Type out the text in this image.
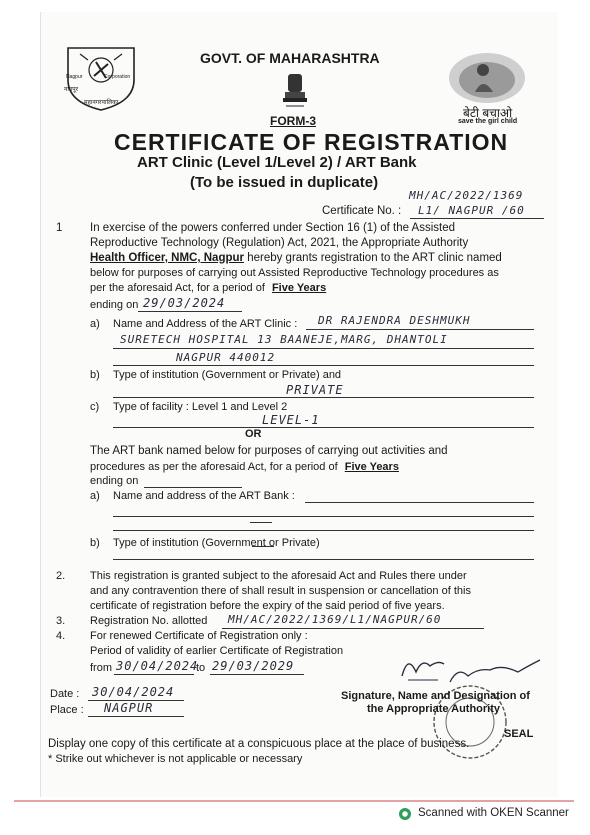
नागपूर
महानगरपालिका
Nagpur	Corporation
बेटी बचाओ
save the girl child
GOVT. OF MAHARASHTRA
FORM-3
CERTIFICATE OF REGISTRATION
ART Clinic (Level 1/Level 2) / ART Bank
(To be issued in duplicate)
MH/AC/2022/1369
Certificate No. : L1/ NAGPUR /60
1 In exercise of the powers conferred under Section 16 (1) of the Assisted
Reproductive Technology (Regulation) Act, 2021, the Appropriate Authority
Health Officer, NMC, Nagpur hereby grants registration to the ART clinic named
below for purposes of carrying out Assisted Reproductive Technology procedures as
per the aforesaid Act, for a period of Five Years
ending on 29/03/2024
a) Name and Address of the ART Clinic : DR RAJENDRA DESHMUKH
SURETECH HOSPITAL 13 BAANEJE,MARG, DHANTOLI
NAGPUR 440012
b) Type of institution (Government or Private) and
PRIVATE
c) Type of facility : Level 1 and Level 2
LEVEL-1
OR
The ART bank named below for purposes of carrying out activities and
procedures as per the aforesaid Act, for a period of Five Years
ending on
a) Name and address of the ART Bank :
b) Type of institution (Government or Private)
2. This registration is granted subject to the aforesaid Act and Rules there under
and any contravention there of shall result in suspension or cancellation of this
certificate of registration before the expiry of the said period of five years.
3. Registration No. allotted MH/AC/2022/1369/L1/NAGPUR/60
4. For renewed Certificate of Registration only :
Period of validity of earlier Certificate of Registration
from 30/04/2024
to 29/03/2029
Date : 30/04/2024
Place : NAGPUR
Signature, Name and Designation of
the Appropriate Authority
SEAL
Display one copy of this certificate at a conspicuous place at the place of business.
* Strike out whichever is not applicable or necessary
Scanned with OKEN Scanner
